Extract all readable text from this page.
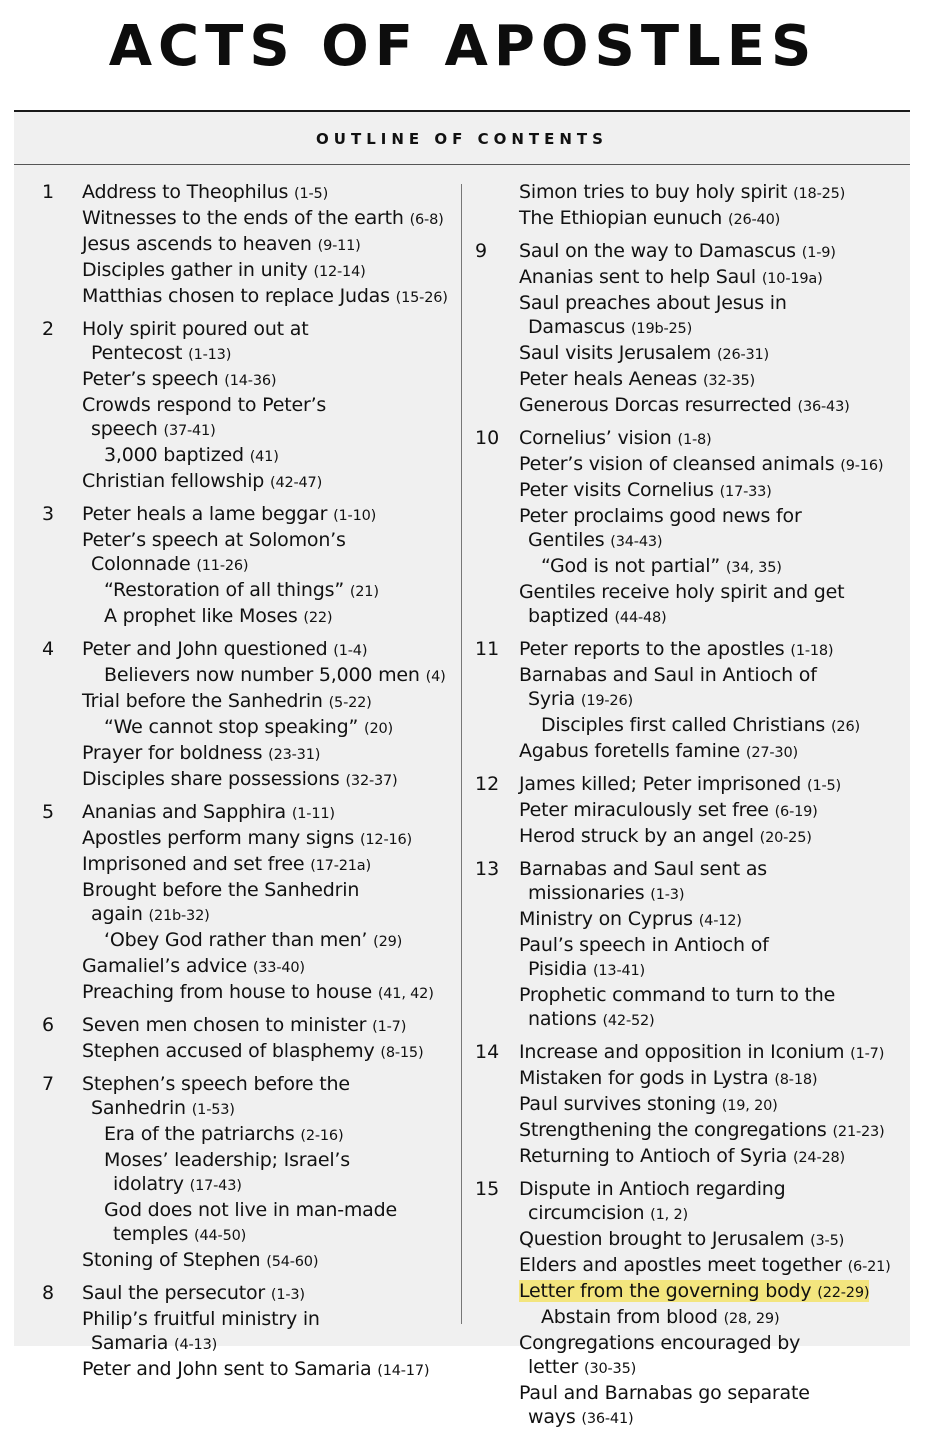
ACTS OF APOSTLES
OUTLINE OF CONTENTS
1	Address to Theophilus (1-5)
Witnesses to the ends of the earth (6-8)
Jesus ascends to heaven (9-11)
Disciples gather in unity (12-14)
Matthias chosen to replace Judas (15-26)
2	Holy spirit poured out at
Pentecost (1-13)
Peter’s speech (14-36)
Crowds respond to Peter’s
speech (37-41)
3,000 baptized (41)
Christian fellowship (42-47)
3	Peter heals a lame beggar (1-10)
Peter’s speech at Solomon’s
Colonnade (11-26)
“Restoration of all things” (21)
A prophet like Moses (22)
4	Peter and John questioned (1-4)
Believers now number 5,000 men (4)
Trial before the Sanhedrin (5-22)
“We cannot stop speaking” (20)
Prayer for boldness (23-31)
Disciples share possessions (32-37)
5	Ananias and Sapphira (1-11)
Apostles perform many signs (12-16)
Imprisoned and set free (17-21a)
Brought before the Sanhedrin
again (21b-32)
‘Obey God rather than men’ (29)
Gamaliel’s advice (33-40)
Preaching from house to house (41, 42)
6	Seven men chosen to minister (1-7)
Stephen accused of blasphemy (8-15)
7	Stephen’s speech before the
Sanhedrin (1-53)
Era of the patriarchs (2-16)
Moses’ leadership; Israel’s
idolatry (17-43)
God does not live in man-made
temples (44-50)
Stoning of Stephen (54-60)
8	Saul the persecutor (1-3)
Philip’s fruitful ministry in
Samaria (4-13)
Peter and John sent to Samaria (14-17)
Simon tries to buy holy spirit (18-25)
The Ethiopian eunuch (26-40)
9	Saul on the way to Damascus (1-9)
Ananias sent to help Saul (10-19a)
Saul preaches about Jesus in
Damascus (19b-25)
Saul visits Jerusalem (26-31)
Peter heals Aeneas (32-35)
Generous Dorcas resurrected (36-43)
10	Cornelius’ vision (1-8)
Peter’s vision of cleansed animals (9-16)
Peter visits Cornelius (17-33)
Peter proclaims good news for
Gentiles (34-43)
“God is not partial” (34, 35)
Gentiles receive holy spirit and get
baptized (44-48)
11	Peter reports to the apostles (1-18)
Barnabas and Saul in Antioch of
Syria (19-26)
Disciples first called Christians (26)
Agabus foretells famine (27-30)
12	James killed; Peter imprisoned (1-5)
Peter miraculously set free (6-19)
Herod struck by an angel (20-25)
13	Barnabas and Saul sent as
missionaries (1-3)
Ministry on Cyprus (4-12)
Paul’s speech in Antioch of
Pisidia (13-41)
Prophetic command to turn to the
nations (42-52)
14	Increase and opposition in Iconium (1-7)
Mistaken for gods in Lystra (8-18)
Paul survives stoning (19, 20)
Strengthening the congregations (21-23)
Returning to Antioch of Syria (24-28)
15	Dispute in Antioch regarding
circumcision (1, 2)
Question brought to Jerusalem (3-5)
Elders and apostles meet together (6-21)
Letter from the governing body (22-29)
Abstain from blood (28, 29)
Congregations encouraged by
letter (30-35)
Paul and Barnabas go separate
ways (36-41)
